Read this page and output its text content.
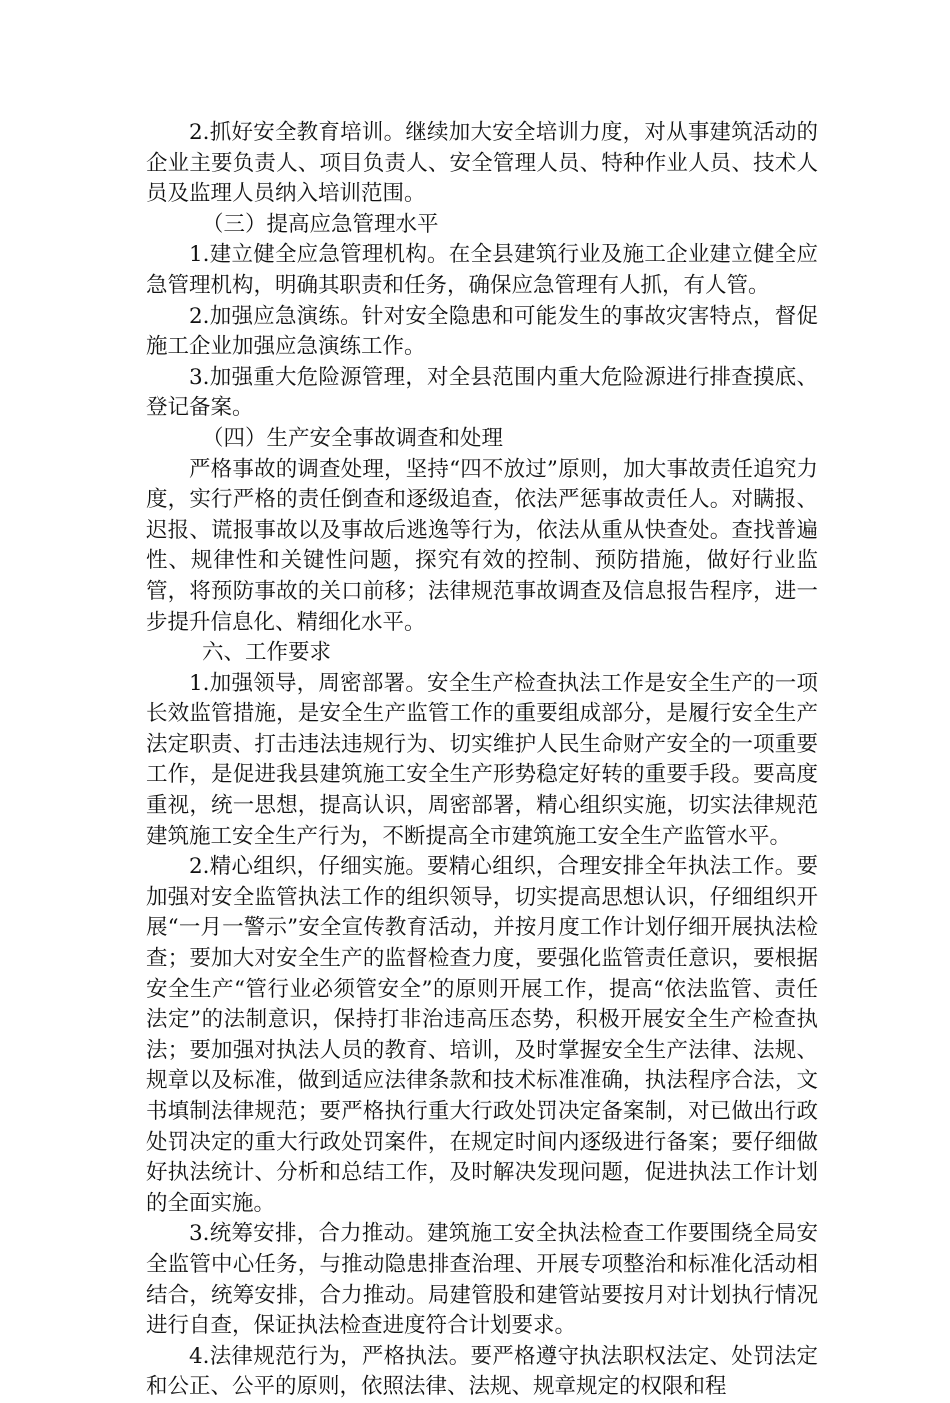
2.抓好安全教育培训。继续加大安全培训力度，对从事建筑活动的企业主要负责人、项目负责人、安全管理人员、特种作业人员、技术人员及监理人员纳入培训范围。

（三）提高应急管理水平

1.建立健全应急管理机构。在全县建筑行业及施工企业建立健全应急管理机构，明确其职责和任务，确保应急管理有人抓，有人管。

2.加强应急演练。针对安全隐患和可能发生的事故灾害特点，督促施工企业加强应急演练工作。

3.加强重大危险源管理，对全县范围内重大危险源进行排查摸底、登记备案。

（四）生产安全事故调查和处理

严格事故的调查处理，坚持“四不放过”原则，加大事故责任追究力度，实行严格的责任倒查和逐级追查，依法严惩事故责任人。对瞒报、迟报、谎报事故以及事故后逃逸等行为，依法从重从快查处。查找普遍性、规律性和关键性问题，探究有效的控制、预防措施，做好行业监管，将预防事故的关口前移；法律规范事故调查及信息报告程序，进一步提升信息化、精细化水平。

六、工作要求

1.加强领导，周密部署。安全生产检查执法工作是安全生产的一项长效监管措施，是安全生产监管工作的重要组成部分，是履行安全生产法定职责、打击违法违规行为、切实维护人民生命财产安全的一项重要工作，是促进我县建筑施工安全生产形势稳定好转的重要手段。要高度重视，统一思想，提高认识，周密部署，精心组织实施，切实法律规范建筑施工安全生产行为，不断提高全市建筑施工安全生产监管水平。

2.精心组织，仔细实施。要精心组织，合理安排全年执法工作。要加强对安全监管执法工作的组织领导，切实提高思想认识，仔细组织开展“一月一警示”安全宣传教育活动，并按月度工作计划仔细开展执法检查；要加大对安全生产的监督检查力度，要强化监管责任意识，要根据安全生产“管行业必须管安全”的原则开展工作，提高“依法监管、责任法定”的法制意识，保持打非治违高压态势，积极开展安全生产检查执法；要加强对执法人员的教育、培训，及时掌握安全生产法律、法规、规章以及标准，做到适应法律条款和技术标准准确，执法程序合法，文书填制法律规范；要严格执行重大行政处罚决定备案制，对已做出行政处罚决定的重大行政处罚案件，在规定时间内逐级进行备案；要仔细做好执法统计、分析和总结工作，及时解决发现问题，促进执法工作计划的全面实施。

3.统筹安排，合力推动。建筑施工安全执法检查工作要围绕全局安全监管中心任务，与推动隐患排查治理、开展专项整治和标准化活动相结合，统筹安排，合力推动。局建管股和建管站要按月对计划执行情况进行自查，保证执法检查进度符合计划要求。

4.法律规范行为，严格执法。要严格遵守执法职权法定、处罚法定和公正、公平的原则，依照法律、法规、规章规定的权限和程
